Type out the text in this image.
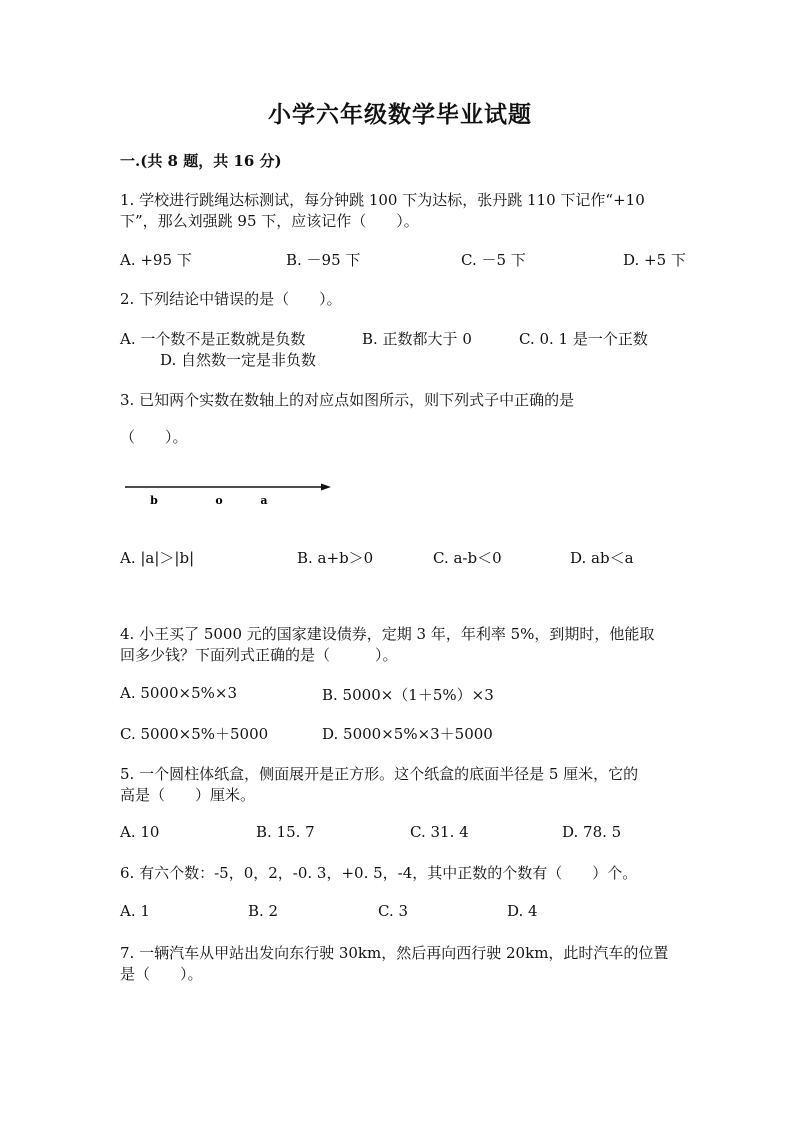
小学六年级数学毕业试题
一.(共 8 题，共 16 分)
1. 学校进行跳绳达标测试，每分钟跳 100 下为达标，张丹跳 110 下记作“+10
下”，那么刘强跳 95 下，应该记作（　　）。
A. +95 下	B. －95 下	C. －5 下	D. +5 下
2. 下列结论中错误的是（　　）。
A. 一个数不是正数就是负数	B. 正数都大于 0	C. 0. 1 是一个正数
D. 自然数一定是非负数
3. 已知两个实数在数轴上的对应点如图所示，则下列式子中正确的是
（　　）。
b	o	a
A. |a|＞|b|	B. a+b＞0	C. a-b＜0	D. ab＜a
4. 小王买了 5000 元的国家建设债券，定期 3 年，年利率 5%，到期时，他能取
回多少钱？下面列式正确的是（　　　）。
A. 5000×5%×3	B. 5000×（1＋5%）×3
C. 5000×5%＋5000	D. 5000×5%×3＋5000
5. 一个圆柱体纸盒，侧面展开是正方形。这个纸盒的底面半径是 5 厘米，它的
高是（　　）厘米。
A. 10	B. 15. 7	C. 31. 4	D. 78. 5
6. 有六个数：-5，0，2，-0. 3，+0. 5，-4，其中正数的个数有（　　）个。
A. 1	B. 2	C. 3	D. 4
7. 一辆汽车从甲站出发向东行驶 30km，然后再向西行驶 20km，此时汽车的位置
是（　　）。
